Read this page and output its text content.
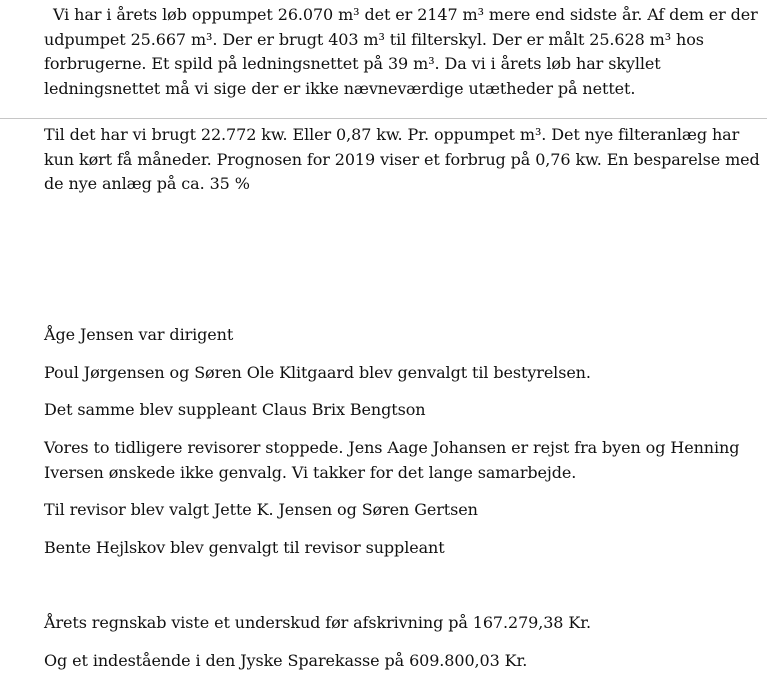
Vi har i årets løb oppumpet 26.070 m³ det er 2147 m³ mere end sidste år. Af dem er der udpumpet 25.667 m³. Der er brugt 403 m³ til filterskyl. Der er målt 25.628 m³ hos forbrugerne. Et spild på ledningsnettet på 39 m³. Da vi i årets løb har skyllet ledningsnettet må vi sige der er ikke nævneværdige utætheder på nettet.
Til det har vi brugt 22.772 kw. Eller 0,87 kw. Pr. oppumpet m³. Det nye filteranlæg har kun kørt få måneder. Prognosen for 2019 viser et forbrug på 0,76 kw. En besparelse med de nye anlæg på ca. 35 %

Åge Jensen var dirigent

Poul Jørgensen og Søren Ole Klitgaard blev genvalgt til bestyrelsen.

Det samme blev suppleant Claus Brix Bengtson

Vores to tidligere revisorer stoppede. Jens Aage Johansen er rejst fra byen og Henning Iversen ønskede ikke genvalg. Vi takker for det lange samarbejde.

Til revisor blev valgt Jette K. Jensen og Søren Gertsen

Bente Hejlskov blev genvalgt til revisor suppleant

Årets regnskab viste et underskud før afskrivning på 167.279,38 Kr.

Og et indestående i den Jyske Sparekasse på 609.800,03 Kr.
